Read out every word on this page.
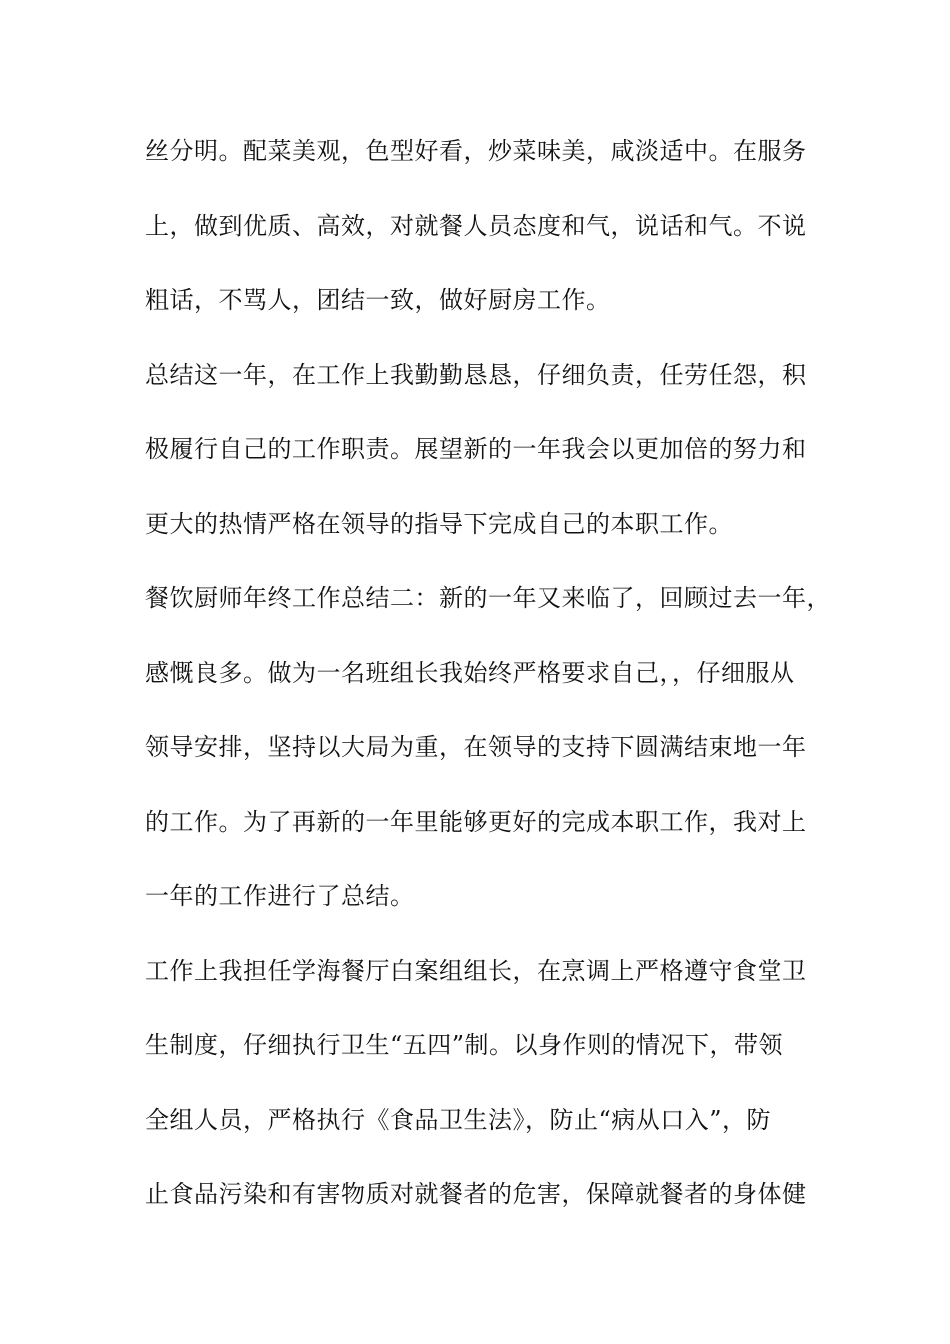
丝分明。配菜美观，色型好看，炒菜味美，咸淡适中。在服务
上，做到优质、高效，对就餐人员态度和气，说话和气。不说
粗话，不骂人，团结一致，做好厨房工作。
总结这一年，在工作上我勤勤恳恳，仔细负责，任劳任怨，积
极履行自己的工作职责。展望新的一年我会以更加倍的努力和
更大的热情严格在领导的指导下完成自己的本职工作。
餐饮厨师年终工作总结二：新的一年又来临了，回顾过去一年，
感慨良多。做为一名班组长我始终严格要求自己，，仔细服从
领导安排，坚持以大局为重，在领导的支持下圆满结束地一年
的工作。为了再新的一年里能够更好的完成本职工作，我对上
一年的工作进行了总结。
工作上我担任学海餐厅白案组组长，在烹调上严格遵守食堂卫
生制度，仔细执行卫生“五四”制。以身作则的情况下，带领
全组人员，严格执行《食品卫生法》，防止“病从口入”，防
止食品污染和有害物质对就餐者的危害，保障就餐者的身体健
